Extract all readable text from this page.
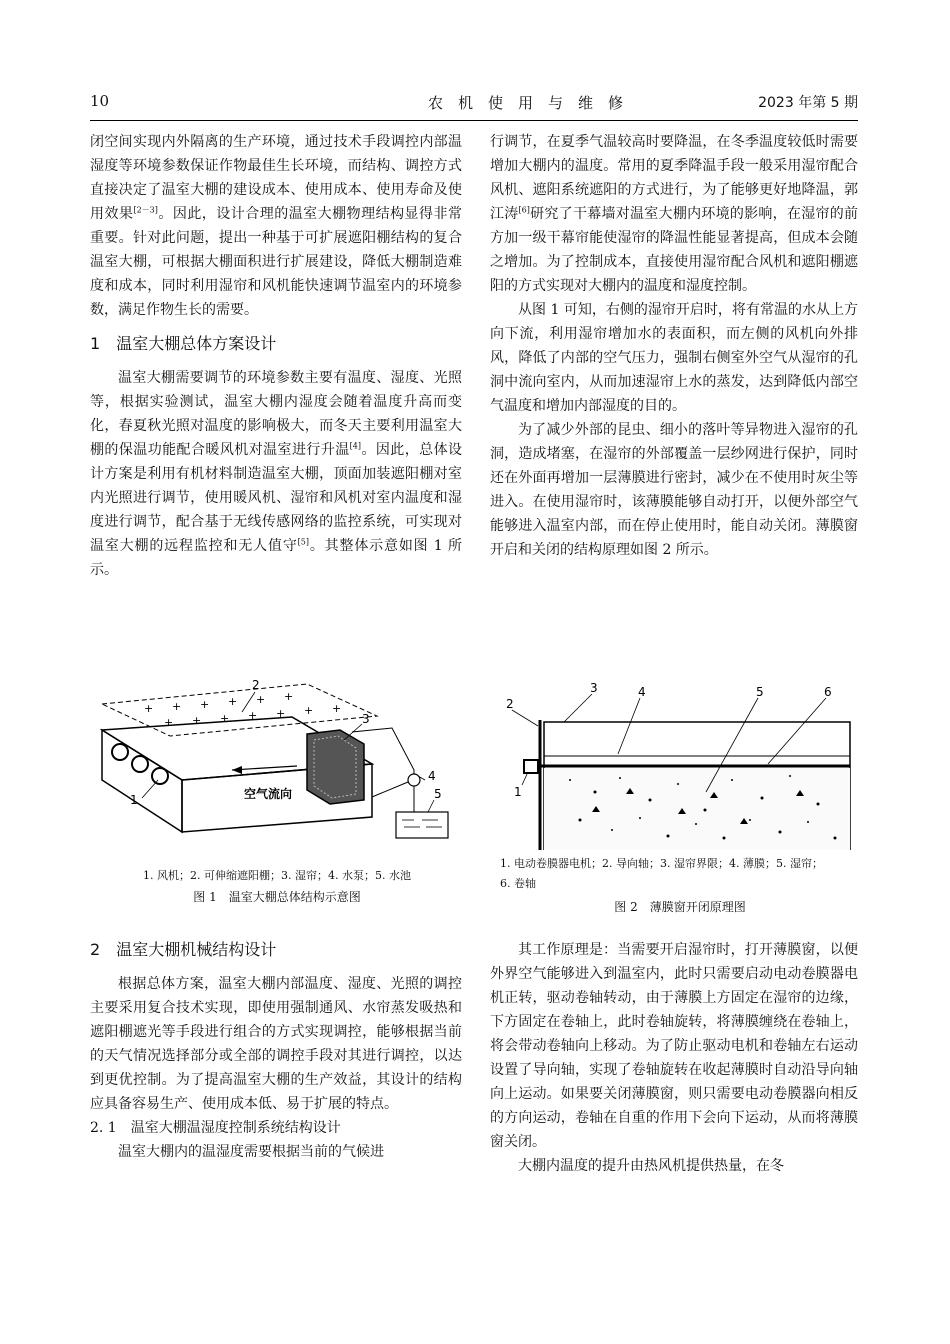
10	农机使用与维修	2023 年第 5 期

闭空间实现内外隔离的生产环境，通过技术手段调控内部温湿度等环境参数保证作物最佳生长环境，而结构、调控方式直接决定了温室大棚的建设成本、使用成本、使用寿命及使用效果[2－3]。因此，设计合理的温室大棚物理结构显得非常重要。针对此问题，提出一种基于可扩展遮阳棚结构的复合温室大棚，可根据大棚面积进行扩展建设，降低大棚制造难度和成本，同时利用湿帘和风机能快速调节温室内的环境参数，满足作物生长的需要。

1　 温室大棚总体方案设计

温室大棚需要调节的环境参数主要有温度、湿度、光照等，根据实验测试，温室大棚内湿度会随着温度升高而变化，春夏秋光照对温度的影响极大，而冬天主要利用温室大棚的保温功能配合暖风机对温室进行升温[4]。因此，总体设计方案是利用有机材料制造温室大棚，顶面加装遮阳棚对室内光照进行调节，使用暖风机、湿帘和风机对室内温度和湿度进行调节，配合基于无线传感网络的监控系统，可实现对温室大棚的远程监控和无人值守[5]。其整体示意如图 1 所示。

+ + + + + +
+ + + + + + +
2
3
4
5
1	空气流向
1. 风机；2. 可伸缩遮阳棚；3. 湿帘；4. 水泵；5. 水池
图 1　温室大棚总体结构示意图

2　 温室大棚机械结构设计

根据总体方案，温室大棚内部温度、湿度、光照的调控主要采用复合技术实现，即使用强制通风、水帘蒸发吸热和遮阳棚遮光等手段进行组合的方式实现调控，能够根据当前的天气情况选择部分或全部的调控手段对其进行调控，以达到更优控制。为了提高温室大棚的生产效益，其设计的结构应具备容易生产、使用成本低、易于扩展的特点。

2. 1　 温室大棚温湿度控制系统结构设计

温室大棚内的温湿度需要根据当前的气候进

行调节，在夏季气温较高时要降温，在冬季温度较低时需要增加大棚内的温度。常用的夏季降温手段一般采用湿帘配合风机、遮阳系统遮阳的方式进行，为了能够更好地降温，郭江涛[6]研究了干幕墙对温室大棚内环境的影响，在湿帘的前方加一级干幕帘能使湿帘的降温性能显著提高，但成本会随之增加。为了控制成本，直接使用湿帘配合风机和遮阳棚遮阳的方式实现对大棚内的温度和湿度控制。

从图 1 可知，右侧的湿帘开启时，将有常温的水从上方向下流，利用湿帘增加水的表面积，而左侧的风机向外排风，降低了内部的空气压力，强制右侧室外空气从湿帘的孔洞中流向室内，从而加速湿帘上水的蒸发，达到降低内部空气温度和增加内部湿度的目的。

为了减少外部的昆虫、细小的落叶等异物进入湿帘的孔洞，造成堵塞，在湿帘的外部覆盖一层纱网进行保护，同时还在外面再增加一层薄膜进行密封，减少在不使用时灰尘等进入。在使用湿帘时，该薄膜能够自动打开，以便外部空气能够进入温室内部，而在停止使用时，能自动关闭。薄膜窗开启和关闭的结构原理如图 2 所示。

2
1
3	4	5	6
1. 电动卷膜器电机；2. 导向轴；3. 湿帘界限；4. 薄膜；5. 湿帘；
6. 卷轴
图 2　薄膜窗开闭原理图

其工作原理是：当需要开启湿帘时，打开薄膜窗，以便外界空气能够进入到温室内，此时只需要启动电动卷膜器电机正转，驱动卷轴转动，由于薄膜上方固定在湿帘的边缘，下方固定在卷轴上，此时卷轴旋转，将薄膜缠绕在卷轴上，将会带动卷轴向上移动。为了防止驱动电机和卷轴左右运动设置了导向轴，实现了卷轴旋转在收起薄膜时自动沿导向轴向上运动。如果要关闭薄膜窗，则只需要电动卷膜器向相反的方向运动，卷轴在自重的作用下会向下运动，从而将薄膜窗关闭。

大棚内温度的提升由热风机提供热量，在冬
